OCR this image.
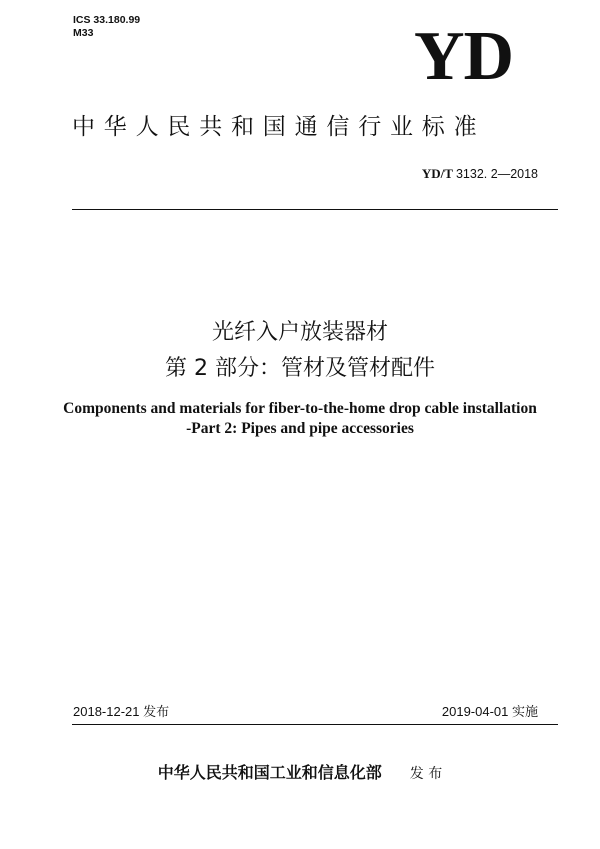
ICS 33.180.99
M33	YD
中华人民共和国通信行业标准
YD/T 3132. 2—2018
光纤入户放装器材
第 2 部分：管材及管材配件
Components and materials for fiber-to-the-home drop cable installation
-Part 2: Pipes and pipe accessories
2018-12-21 发布	2019-04-01 实施
中华人民共和国工业和信息化部 发 布
